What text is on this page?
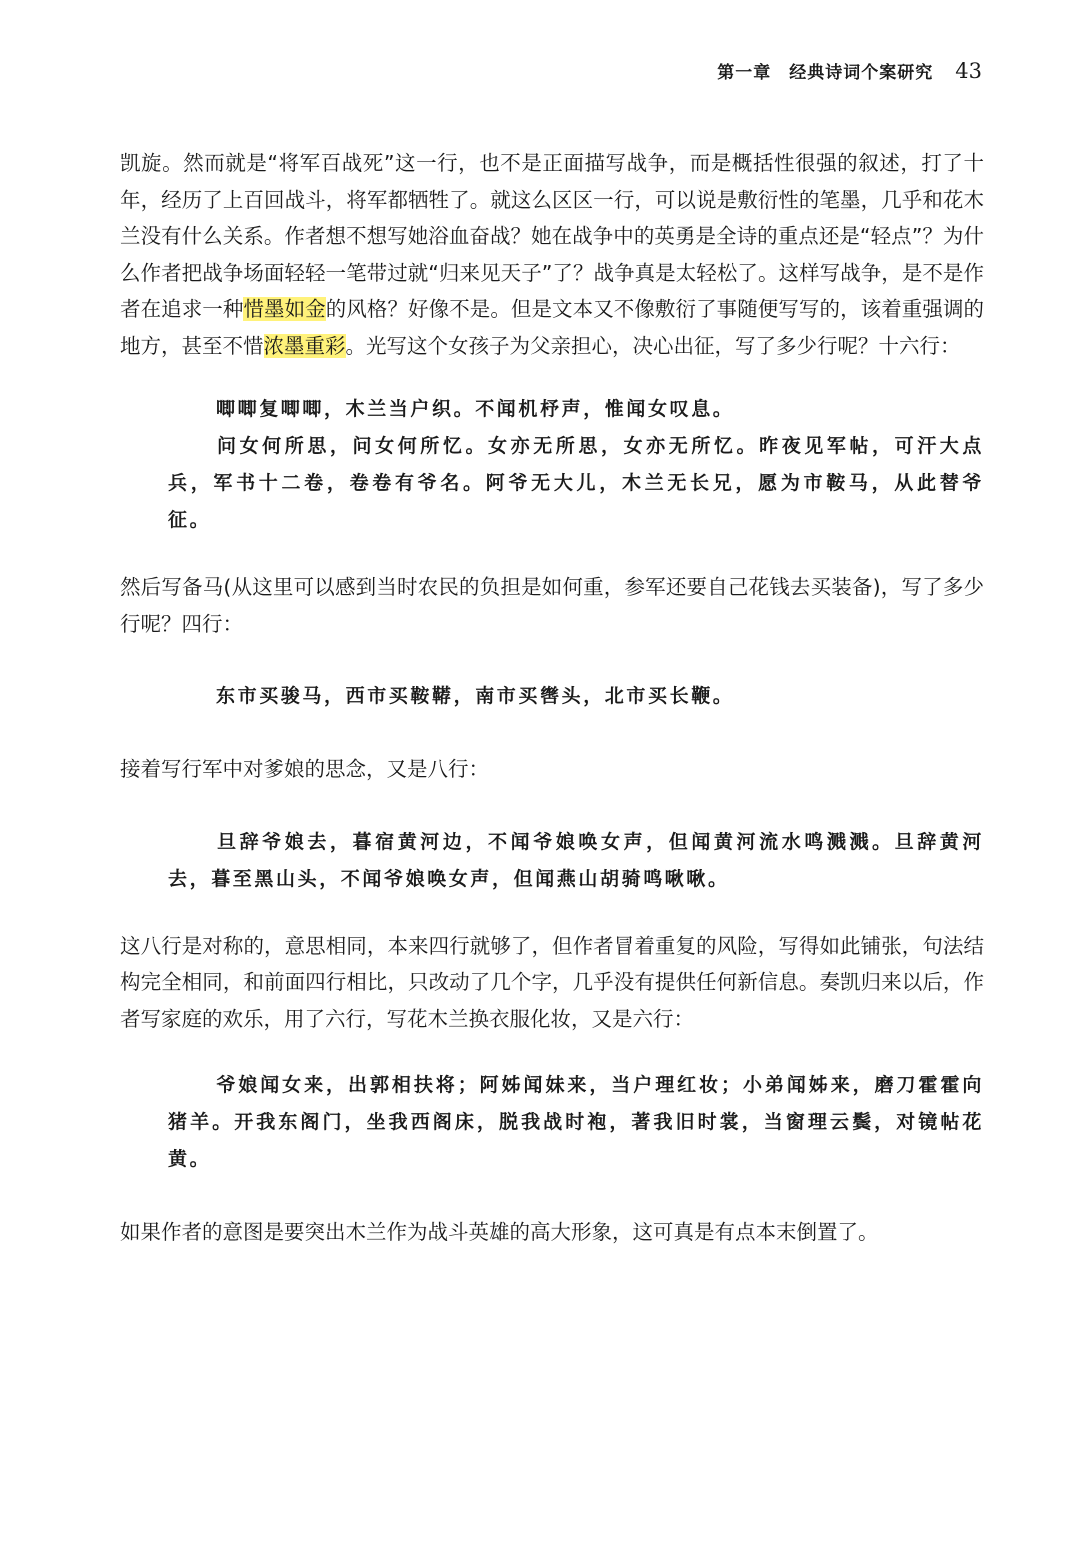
第一章　经典诗词个案研究 43

凯旋。然而就是“将军百战死”这一行，也不是正面描写战争，而是概括性很强的叙述，打了十年，经历了上百回战斗，将军都牺牲了。就这么区区一行，可以说是敷衍性的笔墨，几乎和花木兰没有什么关系。作者想不想写她浴血奋战？她在战争中的英勇是全诗的重点还是“轻点”？为什么作者把战争场面轻轻一笔带过就“归来见天子”了？战争真是太轻松了。这样写战争，是不是作者在追求一种惜墨如金的风格？好像不是。但是文本又不像敷衍了事随便写写的，该着重强调的地方，甚至不惜浓墨重彩。光写这个女孩子为父亲担心，决心出征，写了多少行呢？十六行：

唧唧复唧唧，木兰当户织。不闻机杼声，惟闻女叹息。

问女何所思，问女何所忆。女亦无所思，女亦无所忆。昨夜见军帖，可汗大点兵，军书十二卷，卷卷有爷名。阿爷无大儿，木兰无长兄，愿为市鞍马，从此替爷征。

然后写备马(从这里可以感到当时农民的负担是如何重，参军还要自己花钱去买装备)，写了多少行呢？四行：

东市买骏马，西市买鞍鞯，南市买辔头，北市买长鞭。

接着写行军中对爹娘的思念，又是八行：

旦辞爷娘去，暮宿黄河边，不闻爷娘唤女声，但闻黄河流水鸣溅溅。旦辞黄河去，暮至黑山头，不闻爷娘唤女声，但闻燕山胡骑鸣啾啾。

这八行是对称的，意思相同，本来四行就够了，但作者冒着重复的风险，写得如此铺张，句法结构完全相同，和前面四行相比，只改动了几个字，几乎没有提供任何新信息。奏凯归来以后，作者写家庭的欢乐，用了六行，写花木兰换衣服化妆，又是六行：

爷娘闻女来，出郭相扶将；阿姊闻妹来，当户理红妆；小弟闻姊来，磨刀霍霍向猪羊。开我东阁门，坐我西阁床，脱我战时袍，著我旧时裳，当窗理云鬓，对镜帖花黄。

如果作者的意图是要突出木兰作为战斗英雄的高大形象，这可真是有点本末倒置了。
